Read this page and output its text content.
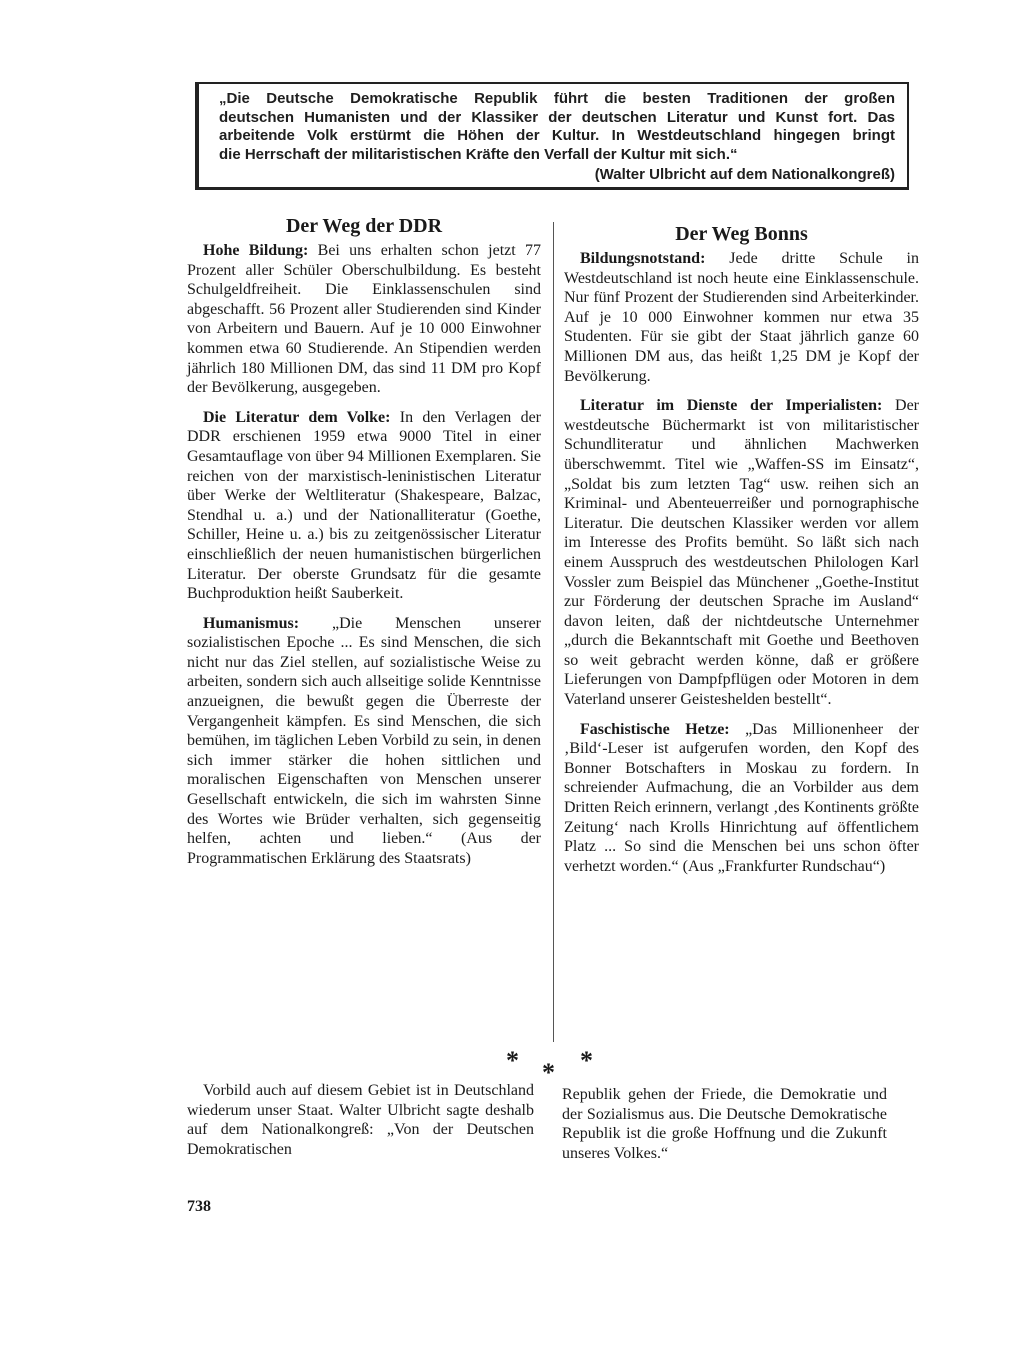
„Die Deutsche Demokratische Republik führt die besten Traditionen der großen
deutschen Humanisten und der Klassiker der deutschen Literatur und Kunst fort. Das
arbeitende Volk erstürmt die Höhen der Kultur. In Westdeutschland hingegen bringt
die Herrschaft der militaristischen Kräfte den Verfall der Kultur mit sich.“
(Walter Ulbricht auf dem Nationalkongreß)
Der Weg der DDR

Hohe Bildung: Bei uns erhalten schon jetzt 77 Prozent aller Schüler Oberschulbildung. Es besteht Schulgeldfreiheit. Die Einklassenschulen sind abgeschafft. 56 Prozent aller Studierenden sind Kinder von Arbeitern und Bauern. Auf je 10 000 Einwohner kommen etwa 60 Studierende. An Stipendien werden jährlich 180 Millionen DM, das sind 11 DM pro Kopf der Bevölkerung, ausgegeben.

Die Literatur dem Volke: In den Verlagen der DDR erschienen 1959 etwa 9000 Titel in einer Gesamtauflage von über 94 Millionen Exemplaren. Sie reichen von der marxistisch-leninistischen Literatur über Werke der Weltliteratur (Shakespeare, Balzac, Stendhal u. a.) und der Nationalliteratur (Goethe, Schiller, Heine u. a.) bis zu zeitgenössischer Literatur einschließlich der neuen humanistischen bürgerlichen Literatur. Der oberste Grundsatz für die gesamte Buchproduktion heißt Sauberkeit.

Humanismus: „Die Menschen unserer sozialistischen Epoche ... Es sind Menschen, die sich nicht nur das Ziel stellen, auf sozialistische Weise zu arbeiten, sondern sich auch allseitige solide Kenntnisse anzueignen, die bewußt gegen die Überreste der Vergangenheit kämpfen. Es sind Menschen, die sich bemühen, im täglichen Leben Vorbild zu sein, in denen sich immer stärker die hohen sittlichen und moralischen Eigenschaften von Menschen unserer Gesellschaft entwickeln, die sich im wahrsten Sinne des Wortes wie Brüder verhalten, sich gegenseitig helfen, achten und lieben.“ (Aus der Programmatischen Erklärung des Staatsrats)

Der Weg Bonns

Bildungsnotstand: Jede dritte Schule in Westdeutschland ist noch heute eine Einklassenschule. Nur fünf Prozent der Studierenden sind Arbeiterkinder. Auf je 10 000 Einwohner kommen nur etwa 35 Studenten. Für sie gibt der Staat jährlich ganze 60 Millionen DM aus, das heißt 1,25 DM je Kopf der Bevölkerung.

Literatur im Dienste der Imperialisten: Der westdeutsche Büchermarkt ist von militaristischer Schundliteratur und ähnlichen Machwerken überschwemmt. Titel wie „Waffen-SS im Einsatz“, „Soldat bis zum letzten Tag“ usw. reihen sich an Kriminal- und Abenteuerreißer und pornographische Literatur. Die deutschen Klassiker werden vor allem im Interesse des Profits bemüht. So läßt sich nach einem Ausspruch des westdeutschen Philologen Karl Vossler zum Beispiel das Münchener „Goethe-Institut zur Förderung der deutschen Sprache im Ausland“ davon leiten, daß der nichtdeutsche Unternehmer „durch die Bekanntschaft mit Goethe und Beethoven so weit gebracht werden könne, daß er größere Lieferungen von Dampfpflügen oder Motoren in dem Vaterland unserer Geisteshelden bestellt“.

Faschistische Hetze: „Das Millionenheer der ‚Bild‘-Leser ist aufgerufen worden, den Kopf des Bonner Botschafters in Moskau zu fordern. In schreiender Aufmachung, die an Vorbilder aus dem Dritten Reich erinnern, verlangt ‚des Kontinents größte Zeitung‘ nach Krolls Hinrichtung auf öffentlichem Platz ... So sind die Menschen bei uns schon öfter verhetzt worden.“ (Aus „Frankfurter Rundschau“)

* * *

Vorbild auch auf diesem Gebiet ist in Deutschland wiederum unser Staat. Walter Ulbricht sagte deshalb auf dem Nationalkongreß: „Von der Deutschen Demokratischen

Republik gehen der Friede, die Demokratie und der Sozialismus aus. Die Deutsche Demokratische Republik ist die große Hoffnung und die Zukunft unseres Volkes.“

738
